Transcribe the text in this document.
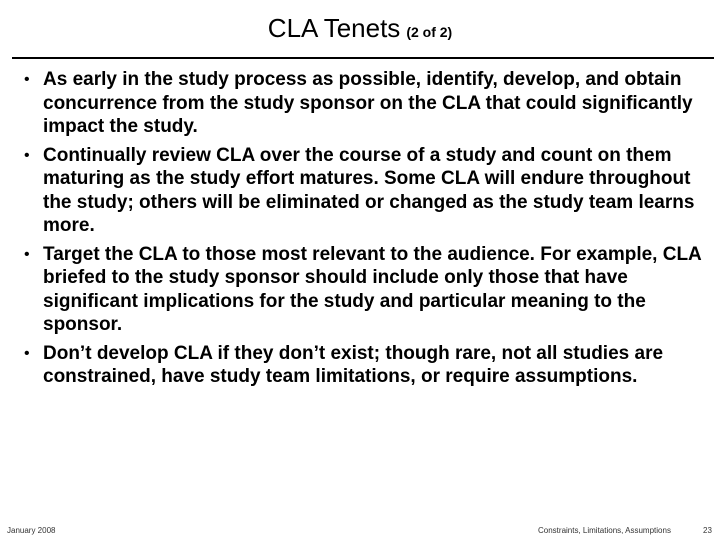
CLA Tenets (2 of 2)
• As early in the study process as possible, identify, develop, and obtain concurrence from the study sponsor on the CLA that could significantly impact the study.
• Continually review CLA over the course of a study and count on them maturing as the study effort matures. Some CLA will endure throughout the study; others will be eliminated or changed as the study team learns more.
• Target the CLA to those most relevant to the audience. For example, CLA briefed to the study sponsor should include only those that have significant implications for the study and particular meaning to the sponsor.
• Don’t develop CLA if they don’t exist; though rare, not all studies are constrained, have study team limitations, or require assumptions.
January 2008	Constraints, Limitations, Assumptions	23
